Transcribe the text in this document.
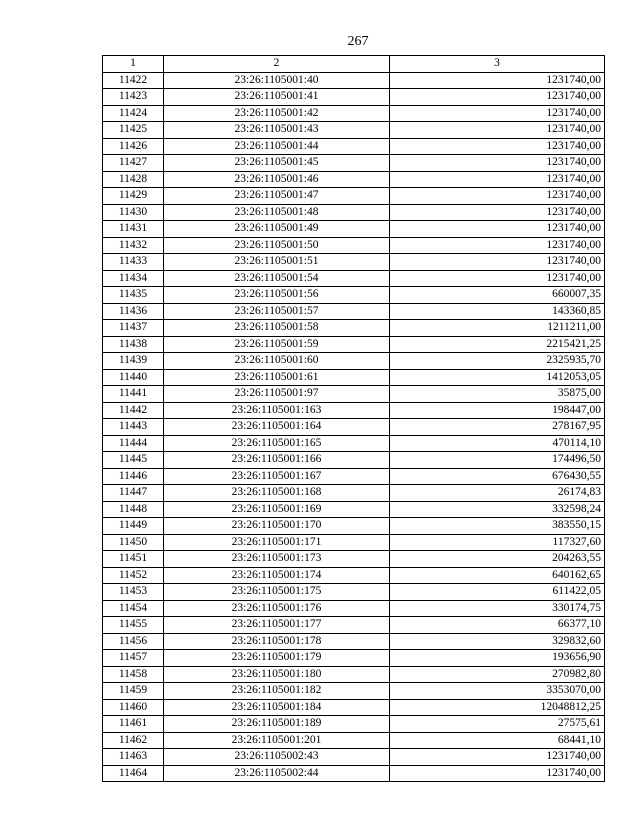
267
1	2	3
11422	23:26:1105001:40	1231740,00
11423	23:26:1105001:41	1231740,00
11424	23:26:1105001:42	1231740,00
11425	23:26:1105001:43	1231740,00
11426	23:26:1105001:44	1231740,00
11427	23:26:1105001:45	1231740,00
11428	23:26:1105001:46	1231740,00
11429	23:26:1105001:47	1231740,00
11430	23:26:1105001:48	1231740,00
11431	23:26:1105001:49	1231740,00
11432	23:26:1105001:50	1231740,00
11433	23:26:1105001:51	1231740,00
11434	23:26:1105001:54	1231740,00
11435	23:26:1105001:56	660007,35
11436	23:26:1105001:57	143360,85
11437	23:26:1105001:58	1211211,00
11438	23:26:1105001:59	2215421,25
11439	23:26:1105001:60	2325935,70
11440	23:26:1105001:61	1412053,05
11441	23:26:1105001:97	35875,00
11442	23:26:1105001:163	198447,00
11443	23:26:1105001:164	278167,95
11444	23:26:1105001:165	470114,10
11445	23:26:1105001:166	174496,50
11446	23:26:1105001:167	676430,55
11447	23:26:1105001:168	26174,83
11448	23:26:1105001:169	332598,24
11449	23:26:1105001:170	383550,15
11450	23:26:1105001:171	117327,60
11451	23:26:1105001:173	204263,55
11452	23:26:1105001:174	640162,65
11453	23:26:1105001:175	611422,05
11454	23:26:1105001:176	330174,75
11455	23:26:1105001:177	66377,10
11456	23:26:1105001:178	329832,60
11457	23:26:1105001:179	193656,90
11458	23:26:1105001:180	270982,80
11459	23:26:1105001:182	3353070,00
11460	23:26:1105001:184	12048812,25
11461	23:26:1105001:189	27575,61
11462	23:26:1105001:201	68441,10
11463	23:26:1105002:43	1231740,00
11464	23:26:1105002:44	1231740,00
